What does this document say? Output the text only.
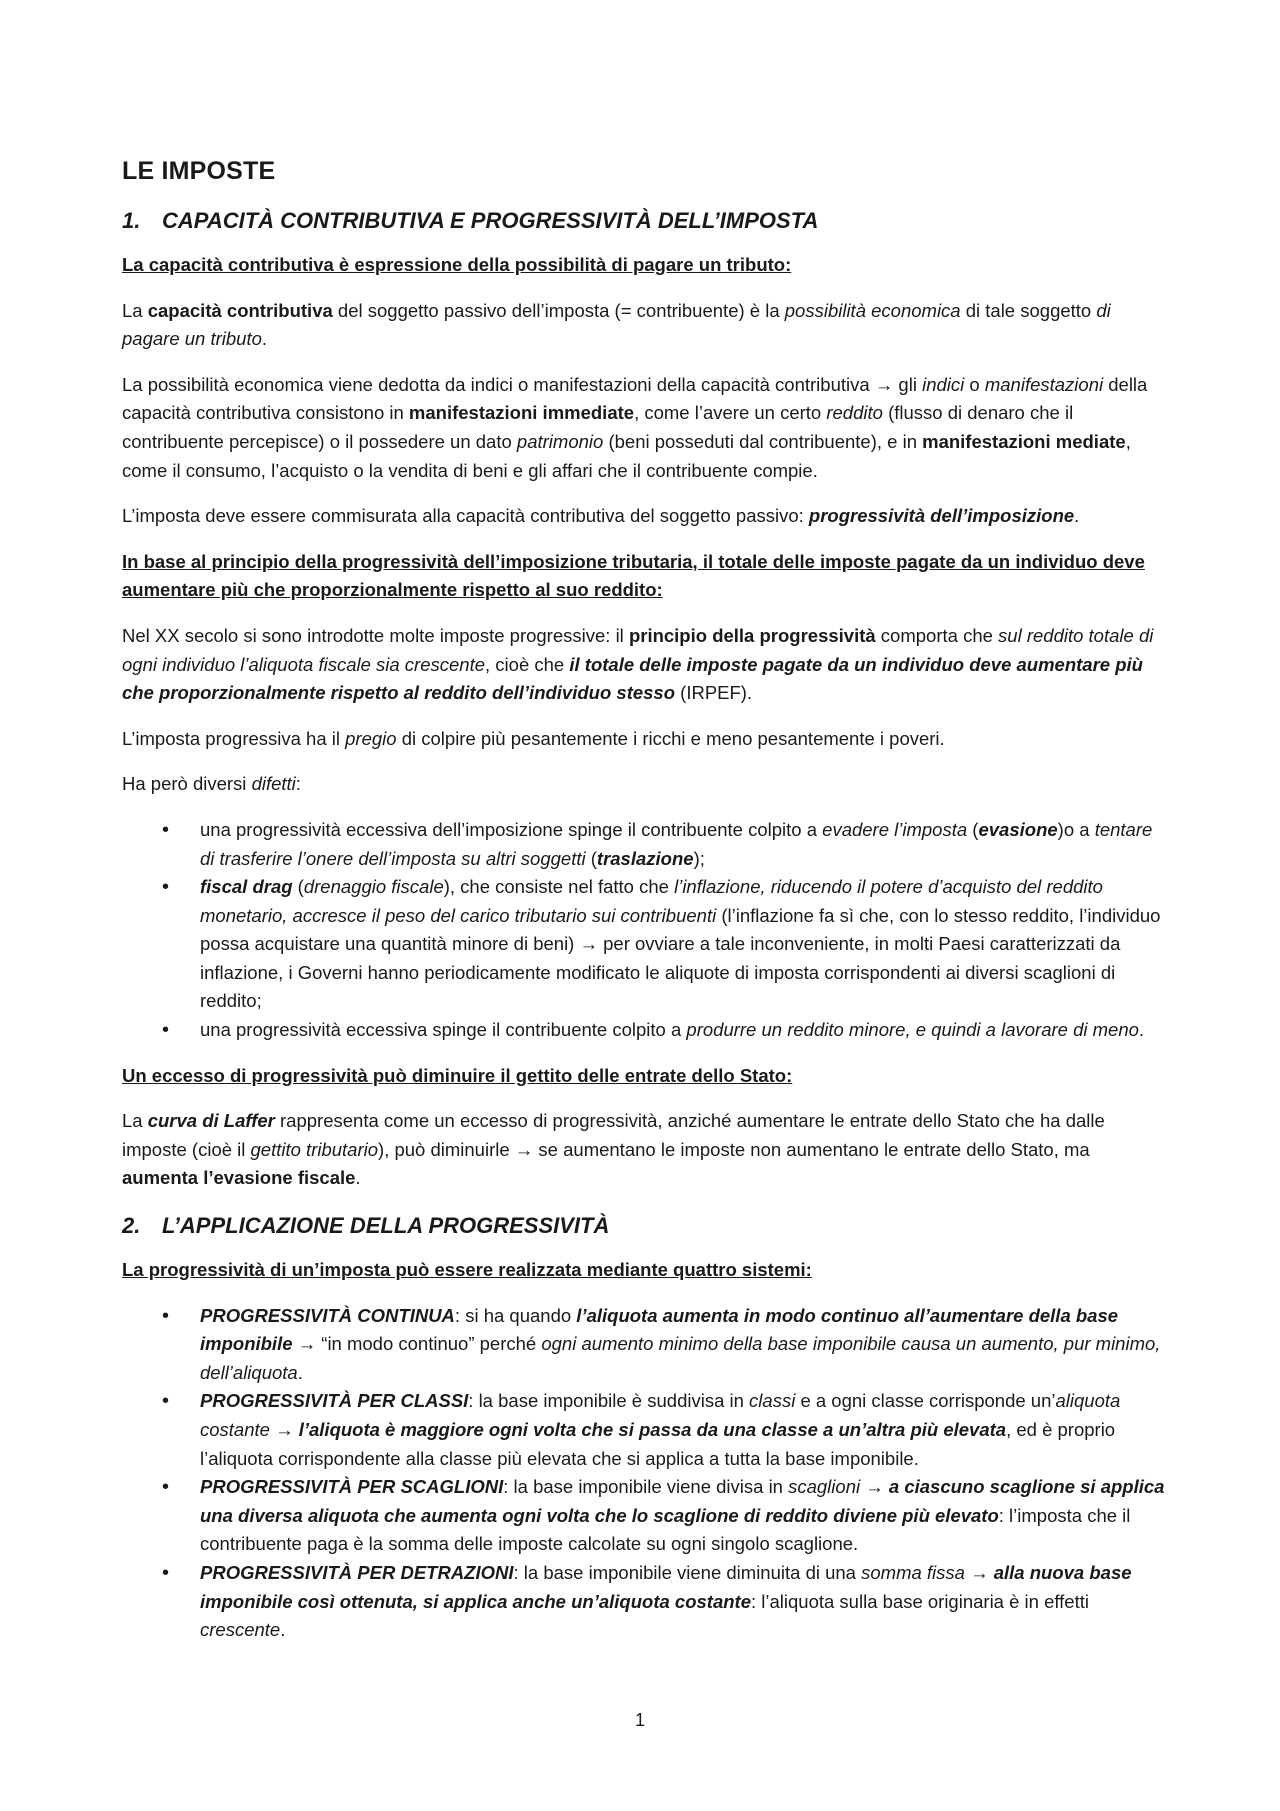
LE IMPOSTE
1. CAPACITÀ CONTRIBUTIVA E PROGRESSIVITÀ DELL’IMPOSTA

La capacità contributiva è espressione della possibilità di pagare un tributo:

La capacità contributiva del soggetto passivo dell’imposta (= contribuente) è la possibilità economica di tale soggetto di pagare un tributo.

La possibilità economica viene dedotta da indici o manifestazioni della capacità contributiva → gli indici o manifestazioni della capacità contributiva consistono in manifestazioni immediate, come l’avere un certo reddito (flusso di denaro che il contribuente percepisce) o il possedere un dato patrimonio (beni posseduti dal contribuente), e in manifestazioni mediate, come il consumo, l’acquisto o la vendita di beni e gli affari che il contribuente compie.

L’imposta deve essere commisurata alla capacità contributiva del soggetto passivo: progressività dell’imposizione.

In base al principio della progressività dell’imposizione tributaria, il totale delle imposte pagate da un individuo deve aumentare più che proporzionalmente rispetto al suo reddito:

Nel XX secolo si sono introdotte molte imposte progressive: il principio della progressività comporta che sul reddito totale di ogni individuo l’aliquota fiscale sia crescente, cioè che il totale delle imposte pagate da un individuo deve aumentare più che proporzionalmente rispetto al reddito dell’individuo stesso (IRPEF).

L’imposta progressiva ha il pregio di colpire più pesantemente i ricchi e meno pesantemente i poveri.

Ha però diversi difetti:

• una progressività eccessiva dell’imposizione spinge il contribuente colpito a evadere l’imposta (evasione)o a tentare di trasferire l’onere dell’imposta su altri soggetti (traslazione);
• fiscal drag (drenaggio fiscale), che consiste nel fatto che l’inflazione, riducendo il potere d’acquisto del reddito monetario, accresce il peso del carico tributario sui contribuenti (l’inflazione fa sì che, con lo stesso reddito, l’individuo possa acquistare una quantità minore di beni) → per ovviare a tale inconveniente, in molti Paesi caratterizzati da inflazione, i Governi hanno periodicamente modificato le aliquote di imposta corrispondenti ai diversi scaglioni di reddito;
• una progressività eccessiva spinge il contribuente colpito a produrre un reddito minore, e quindi a lavorare di meno.

Un eccesso di progressività può diminuire il gettito delle entrate dello Stato:

La curva di Laffer rappresenta come un eccesso di progressività, anziché aumentare le entrate dello Stato che ha dalle imposte (cioè il gettito tributario), può diminuirle → se aumentano le imposte non aumentano le entrate dello Stato, ma aumenta l’evasione fiscale.

2. L’APPLICAZIONE DELLA PROGRESSIVITÀ

La progressività di un’imposta può essere realizzata mediante quattro sistemi:

• PROGRESSIVITÀ CONTINUA: si ha quando l’aliquota aumenta in modo continuo all’aumentare della base imponibile → “in modo continuo” perché ogni aumento minimo della base imponibile causa un aumento, pur minimo, dell’aliquota.
• PROGRESSIVITÀ PER CLASSI: la base imponibile è suddivisa in classi e a ogni classe corrisponde un’aliquota costante → l’aliquota è maggiore ogni volta che si passa da una classe a un’altra più elevata, ed è proprio l’aliquota corrispondente alla classe più elevata che si applica a tutta la base imponibile.
• PROGRESSIVITÀ PER SCAGLIONI: la base imponibile viene divisa in scaglioni → a ciascuno scaglione si applica una diversa aliquota che aumenta ogni volta che lo scaglione di reddito diviene più elevato: l’imposta che il contribuente paga è la somma delle imposte calcolate su ogni singolo scaglione.
• PROGRESSIVITÀ PER DETRAZIONI: la base imponibile viene diminuita di una somma fissa → alla nuova base imponibile così ottenuta, si applica anche un’aliquota costante: l’aliquota sulla base originaria è in effetti crescente.
1
